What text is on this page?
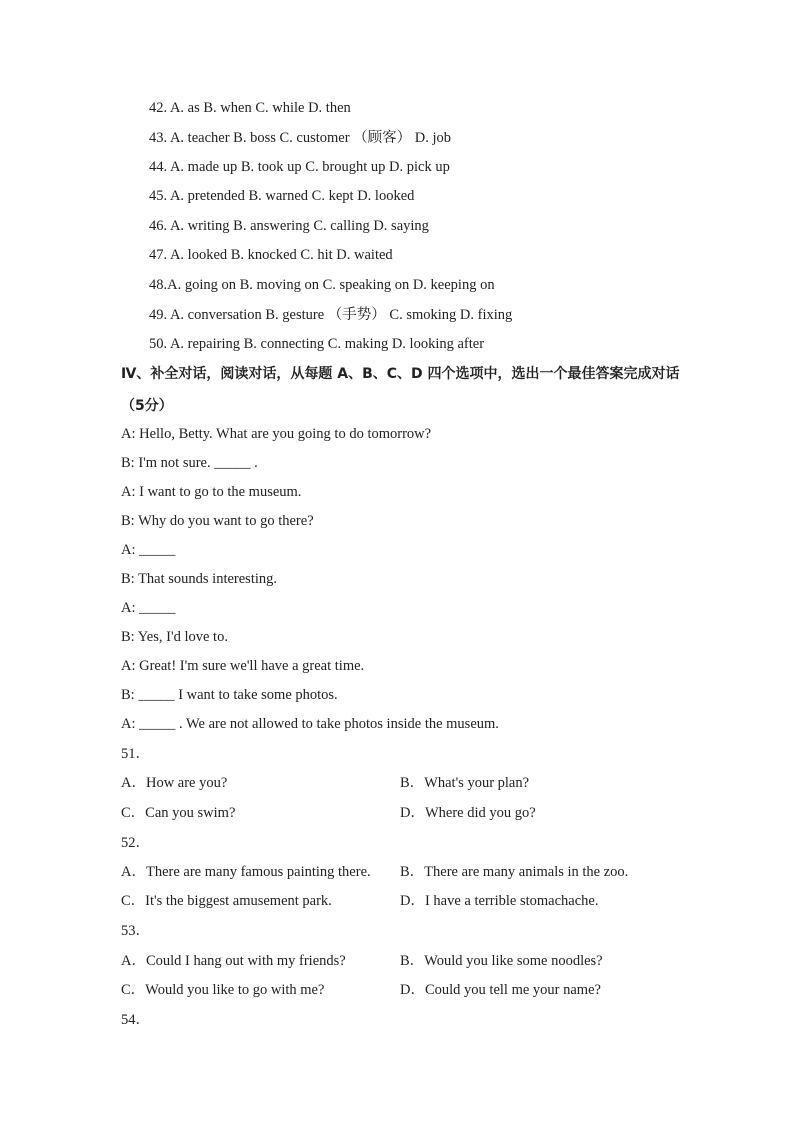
42. A. as B. when C. while D. then
43. A. teacher B. boss C. customer （顾客） D. job
44. A. made up B. took up C. brought up D. pick up
45. A. pretended B. warned C. kept D. looked
46. A. writing B. answering C. calling D. saying
47. A. looked B. knocked C. hit D. waited
48.A. going on B. moving on C. speaking on D. keeping on
49. A. conversation B. gesture （手势） C. smoking D. fixing
50. A. repairing B. connecting C. making D. looking after
Ⅳ、补全对话，阅读对话，从每题 A、B、C、D 四个选项中，选出一个最佳答案完成对话
（5分）
A: Hello, Betty. What are you going to do tomorrow?
B: I'm not sure. _____ .
A: I want to go to the museum.
B: Why do you want to go there?
A: _____
B: That sounds interesting.
A: _____
B: Yes, I'd love to.
A: Great! I'm sure we'll have a great time.
B: _____ I want to take some photos.
A: _____ . We are not allowed to take photos inside the museum.
51．
A．How are you?	B．What's your plan?
C．Can you swim?	D．Where did you go?
52．
A．There are many famous painting there. B．There are many animals in the zoo.
C．It's the biggest amusement park.	D．I have a terrible stomachache.
53．
A．Could I hang out with my friends?	B．Would you like some noodles?
C．Would you like to go with me?	D．Could you tell me your name?
54．
